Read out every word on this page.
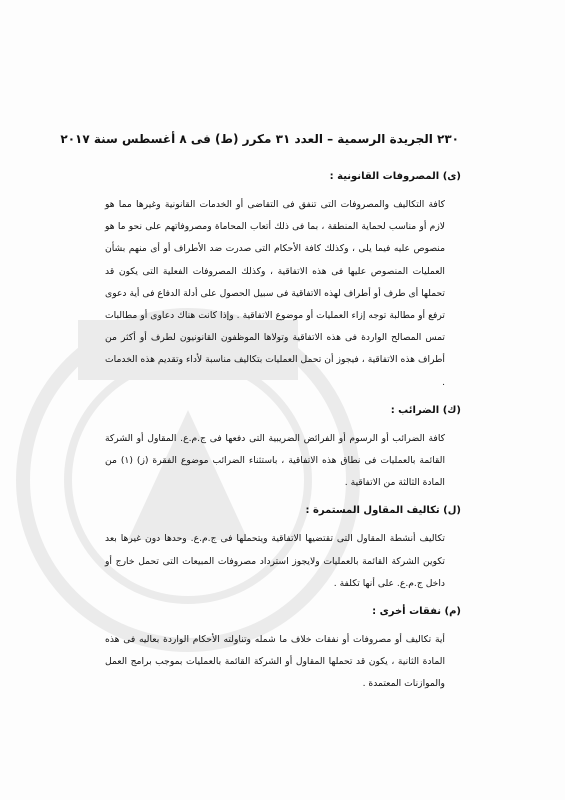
٢٣٠ الجريدة الرسمية – العدد ٣١ مكرر (ط) فى ٨ أغسطس سنة ٢٠١٧
(ى) المصروفات القانونية :
كافة التكاليف والمصروفات التى تنفق فى التقاضى أو الخدمات القانونية وغيرها مما هو لازم أو مناسب لحماية المنطقة ، بما فى ذلك أتعاب المحاماة ومصروفاتهم على نحو ما هو منصوص عليه فيما يلى ، وكذلك كافة الأحكام التى صدرت ضد الأطراف أو أى منهم بشأن العمليات المنصوص عليها فى هذه الاتفاقية ، وكذلك المصروفات الفعلية التى يكون قد تحملها أى طرف أو أطراف لهذه الاتفاقية فى سبيل الحصول على أدلة الدفاع فى أية دعوى ترفع أو مطالبة توجه إزاء العمليات أو موضوع الاتفاقية . وإذا كانت هناك دعاوى أو مطالبات تمس المصالح الواردة فى هذه الاتفاقية وتولاها الموظفون القانونيون لطرف أو أكثر من أطراف هذه الاتفاقية ، فيجوز أن تحمل العمليات بتكاليف مناسبة لأداء وتقديم هذه الخدمات .
(ك) الضرائب :
كافة الضرائب أو الرسوم أو الفرائض الضريبية التى دفعها فى ج.م.ع. المقاول أو الشركة القائمة بالعمليات فى نطاق هذه الاتفاقية ، باستثناء الضرائب موضوع الفقرة (ز) (١) من المادة الثالثة من الاتفاقية .
(ل) تكاليف المقاول المستمرة :
تكاليف أنشطة المقاول التى تقتضيها الاتفاقية ويتحملها فى ج.م.ع. وحدها دون غيرها بعد تكوين الشركة القائمة بالعمليات ولايجوز استرداد مصروفات المبيعات التى تحمل خارج أو داخل ج.م.ع. على أنها تكلفة .
(م) نفقات أخرى :
أية تكاليف أو مصروفات أو نفقات خلاف ما شمله وتناولته الأحكام الواردة بعاليه فى هذه المادة الثانية ، يكون قد تحملها المقاول أو الشركة القائمة بالعمليات بموجب برامج العمل والموازنات المعتمدة .
